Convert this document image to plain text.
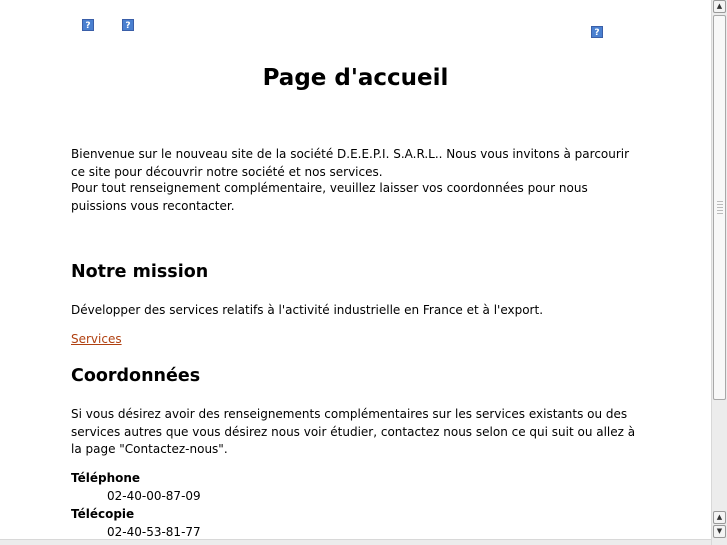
?	?
?
Page d'accueil

Bienvenue sur le nouveau site de la société D.E.E.P.I. S.A.R.L.. Nous vous invitons à parcourir ce site pour découvrir notre société et nos services.

Pour tout renseignement complémentaire, veuillez laisser vos coordonnées pour nous puissions vous recontacter.

Notre mission

Développer des services relatifs à l'activité industrielle en France et à l'export.

Services
Coordonnées

Si vous désirez avoir des renseignements complémentaires sur les services existants ou des services autres que vous désirez nous voir étudier, contactez nous selon ce qui suit ou allez à la page "Contactez-nous".

Téléphone
02-40-00-87-09
Télécopie
02-40-53-81-77
▲
▲
▼
